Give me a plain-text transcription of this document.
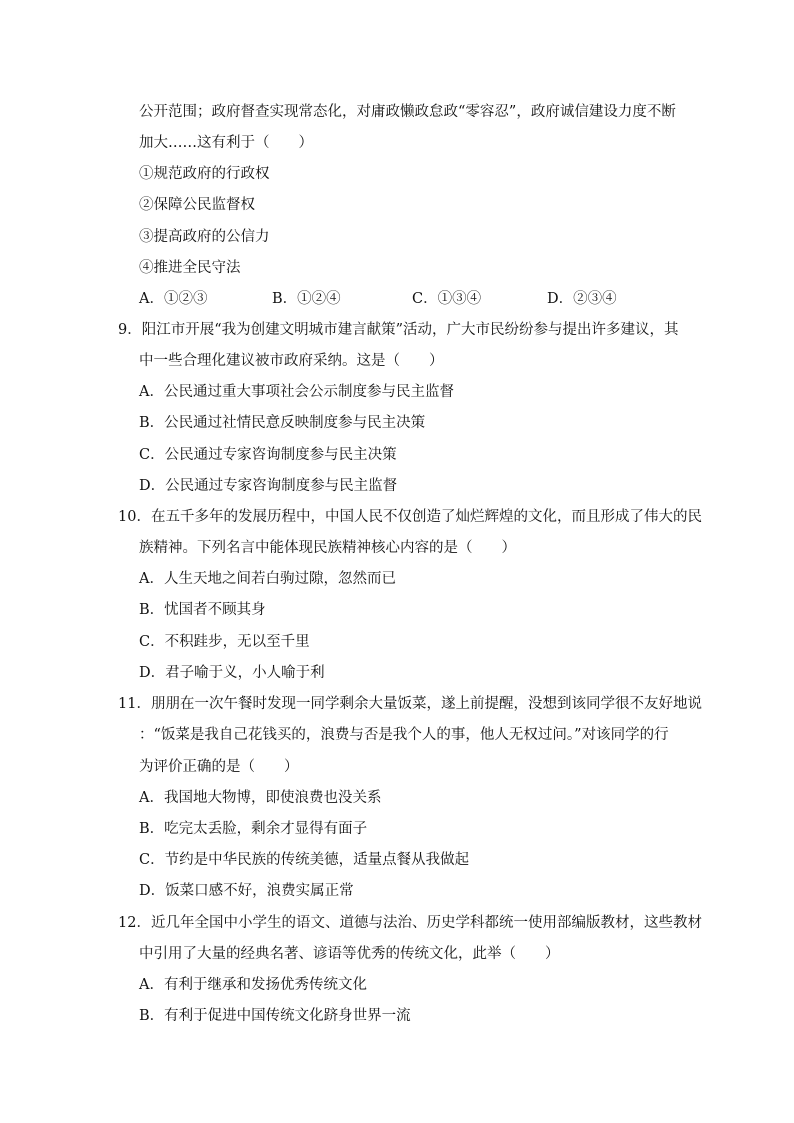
公开范围；政府督查实现常态化，对庸政懒政怠政“零容忍”，政府诚信建设力度不断
加大……这有利于（　　）
①规范政府的行政权
②保障公民监督权
③提高政府的公信力
④推进全民守法
A．①②③	B．①②④	C．①③④	D．②③④
9．阳江市开展“我为创建文明城市建言献策”活动，广大市民纷纷参与提出许多建议，其
中一些合理化建议被市政府采纳。这是（　　）
A．公民通过重大事项社会公示制度参与民主监督
B．公民通过社情民意反映制度参与民主决策
C．公民通过专家咨询制度参与民主决策
D．公民通过专家咨询制度参与民主监督
10．在五千多年的发展历程中，中国人民不仅创造了灿烂辉煌的文化，而且形成了伟大的民
族精神。下列名言中能体现民族精神核心内容的是（　　）
A．人生天地之间若白驹过隙，忽然而已
B．忧国者不顾其身
C．不积跬步，无以至千里
D．君子喻于义，小人喻于利
11．朋朋在一次午餐时发现一同学剩余大量饭菜，遂上前提醒，没想到该同学很不友好地说
：“饭菜是我自己花钱买的，浪费与否是我个人的事，他人无权过问。”对该同学的行
为评价正确的是（　　）
A．我国地大物博，即使浪费也没关系
B．吃完太丢脸，剩余才显得有面子
C．节约是中华民族的传统美德，适量点餐从我做起
D．饭菜口感不好，浪费实属正常
12．近几年全国中小学生的语文、道德与法治、历史学科都统一使用部编版教材，这些教材
中引用了大量的经典名著、谚语等优秀的传统文化，此举（　　）
A．有利于继承和发扬优秀传统文化
B．有利于促进中国传统文化跻身世界一流
